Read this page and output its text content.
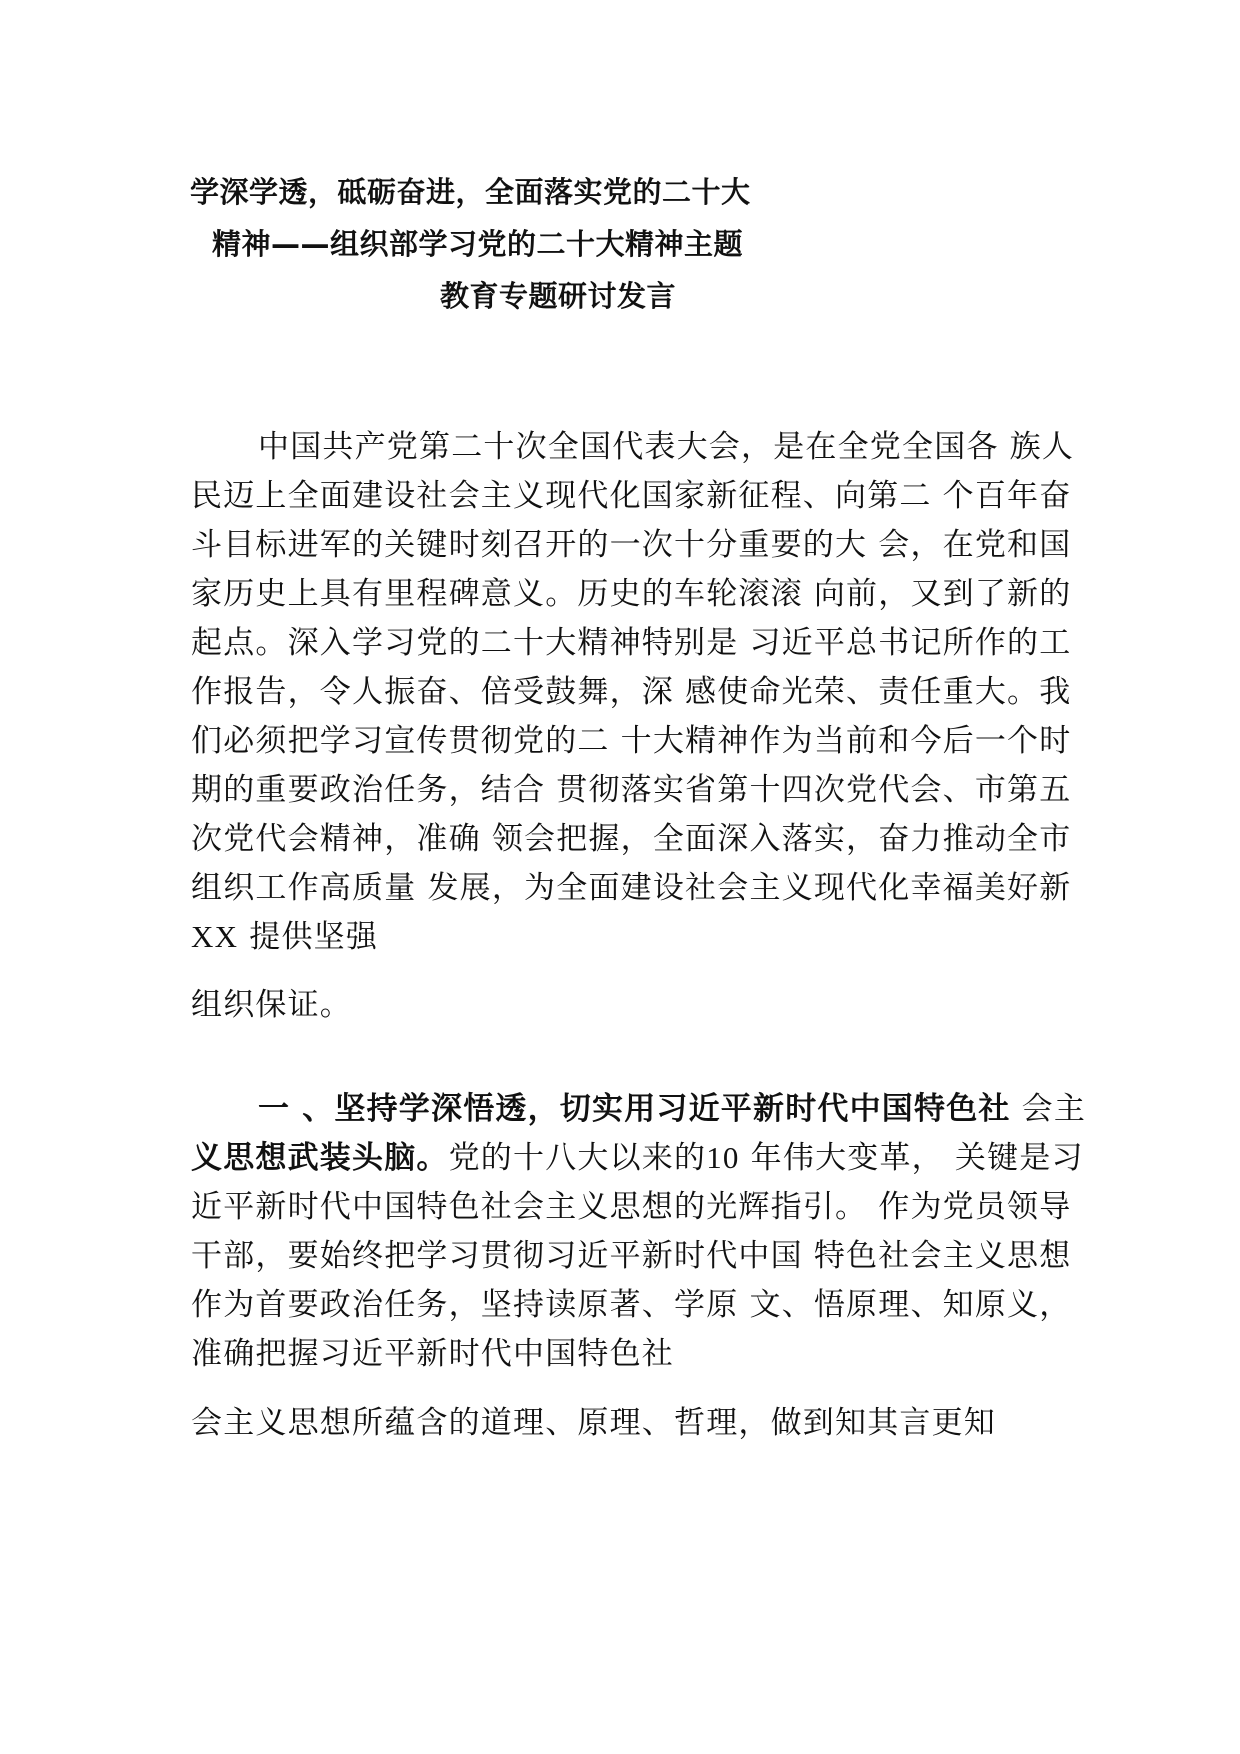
学深学透，砥砺奋进，全面落实党的二十大
精神——组织部学习党的二十大精神主题
教育专题研讨发言
中国共产党第二十次全国代表大会，是在全党全国各 族人
民迈上全面建设社会主义现代化国家新征程、向第二 个百年奋
斗目标进军的关键时刻召开的一次十分重要的大 会，在党和国
家历史上具有里程碑意义。历史的车轮滚滚 向前，又到了新的
起点。深入学习党的二十大精神特别是 习近平总书记所作的工
作报告，令人振奋、倍受鼓舞，深 感使命光荣、责任重大。我
们必须把学习宣传贯彻党的二 十大精神作为当前和今后一个时
期的重要政治任务，结合 贯彻落实省第十四次党代会、市第五
次党代会精神，准确 领会把握，全面深入落实，奋力推动全市
组织工作高质量 发展，为全面建设社会主义现代化幸福美好新
XX 提供坚强
组织保证。
一 、坚持学深悟透，切实用习近平新时代中国特色社 会主
义思想武装头脑。党的十八大以来的10 年伟大变革， 关键是习
近平新时代中国特色社会主义思想的光辉指引。 作为党员领导
干部，要始终把学习贯彻习近平新时代中国 特色社会主义思想
作为首要政治任务，坚持读原著、学原 文、悟原理、知原义，
准确把握习近平新时代中国特色社
会主义思想所蕴含的道理、原理、哲理，做到知其言更知
